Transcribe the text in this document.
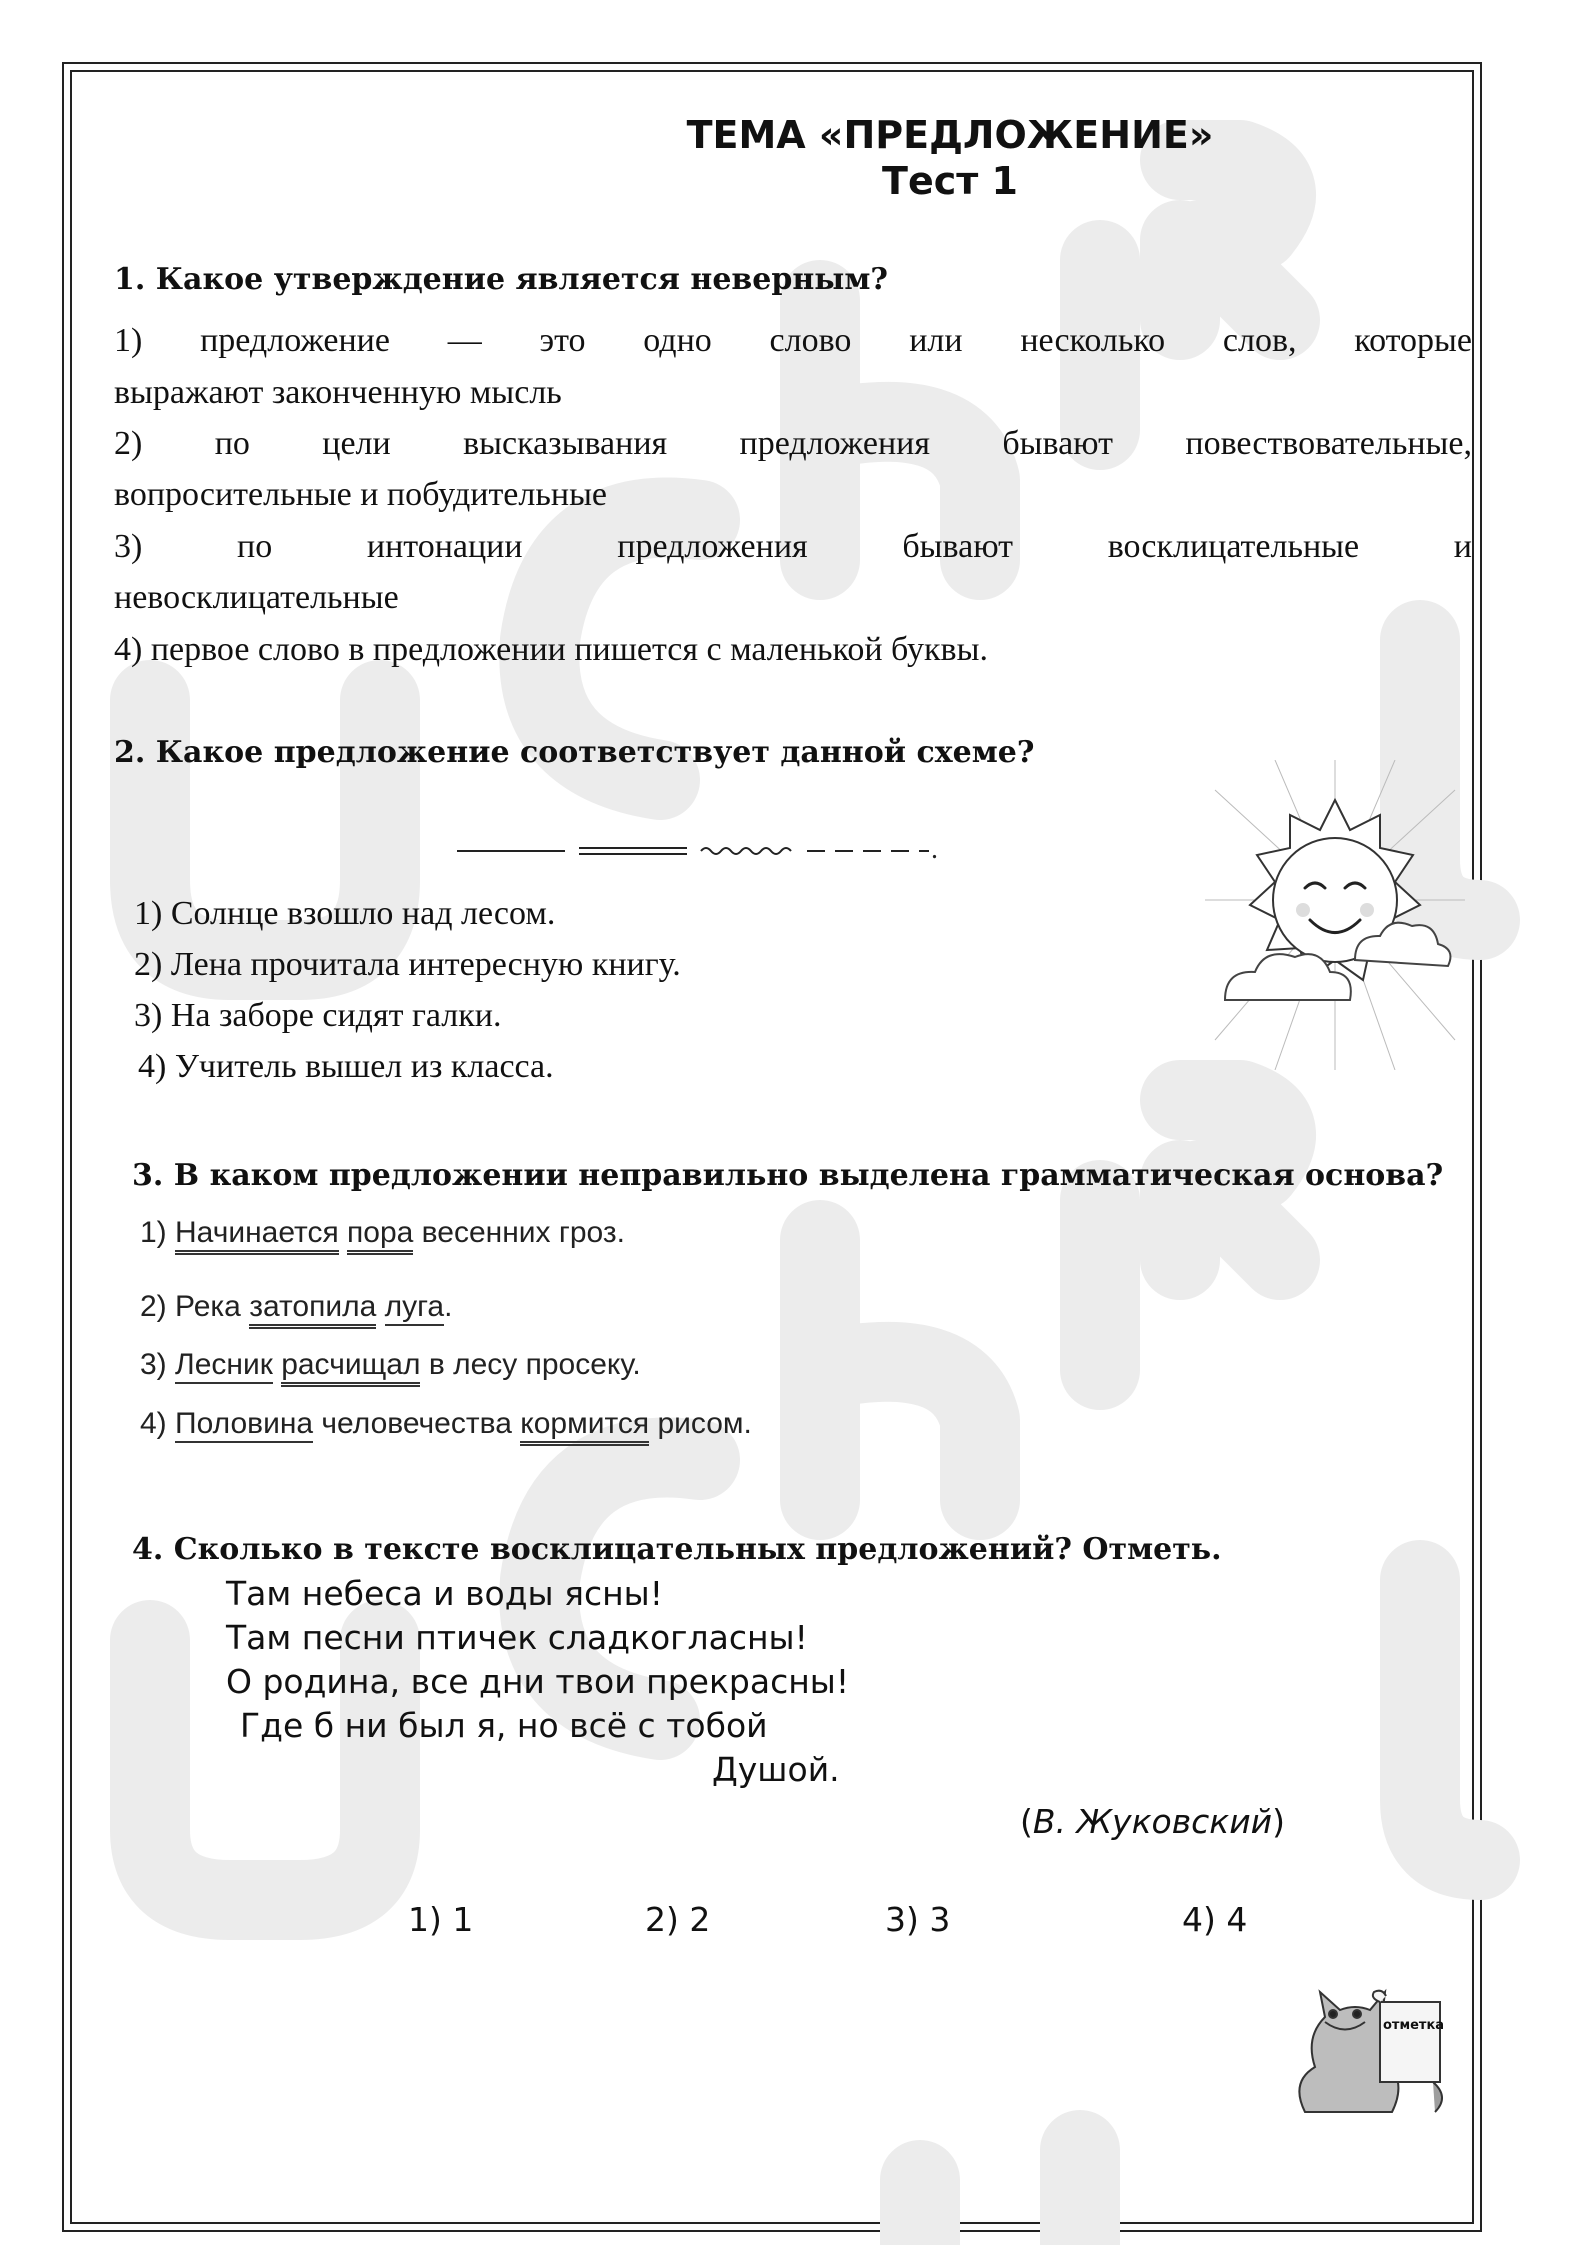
ТЕМА «ПРЕДЛОЖЕНИЕ»
Тест 1
1. Какое утверждение является неверным?
1) предложение — это одно слово или несколько слов, которые
выражают законченную мысль
2) по цели высказывания предложения бывают повествовательные,
вопросительные и побудительные
3) по интонации предложения бывают восклицательные и
невосклицательные
4) первое слово в предложении пишется с маленькой буквы.
2. Какое предложение соответствует данной схеме?
.
1) Солнце взошло над лесом.
2) Лена прочитала интересную книгу.
3) На заборе сидят галки.
4) Учитель вышел из класса.
3. В каком предложении неправильно выделена грамматическая основа?
1) Начинается пора весенних гроз.
2) Река затопила луга.
3) Лесник расчищал в лесу просеку.
4) Половина человечества кормится рисом.
4. Сколько в тексте восклицательных предложений? Отметь.
Там небеса и воды ясны!
Там песни птичек сладкогласны!
О родина, все дни твои прекрасны!
Где б ни был я, но всё с тобой
Душой.
(В. Жуковский)
1) 1	2) 2	3) 3	4) 4
отметка
